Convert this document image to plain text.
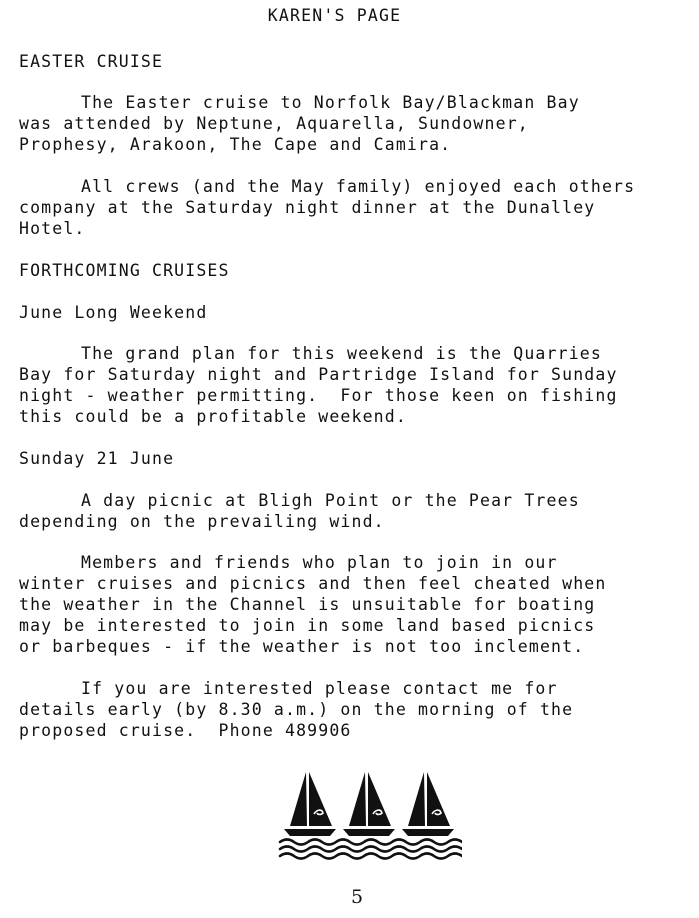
KAREN'S PAGE
EASTER CRUISE
The Easter cruise to Norfolk Bay/Blackman Bay
was attended by Neptune, Aquarella, Sundowner,
Prophesy, Arakoon, The Cape and Camira.
All crews (and the May family) enjoyed each others
company at the Saturday night dinner at the Dunalley
Hotel.
FORTHCOMING CRUISES
June Long Weekend
The grand plan for this weekend is the Quarries
Bay for Saturday night and Partridge Island for Sunday
night - weather permitting.  For those keen on fishing
this could be a profitable weekend.
Sunday 21 June
A day picnic at Bligh Point or the Pear Trees
depending on the prevailing wind.
Members and friends who plan to join in our
winter cruises and picnics and then feel cheated when
the weather in the Channel is unsuitable for boating
may be interested to join in some land based picnics
or barbeques - if the weather is not too inclement.
If you are interested please contact me for
details early (by 8.30 a.m.) on the morning of the
proposed cruise.  Phone 489906
5
